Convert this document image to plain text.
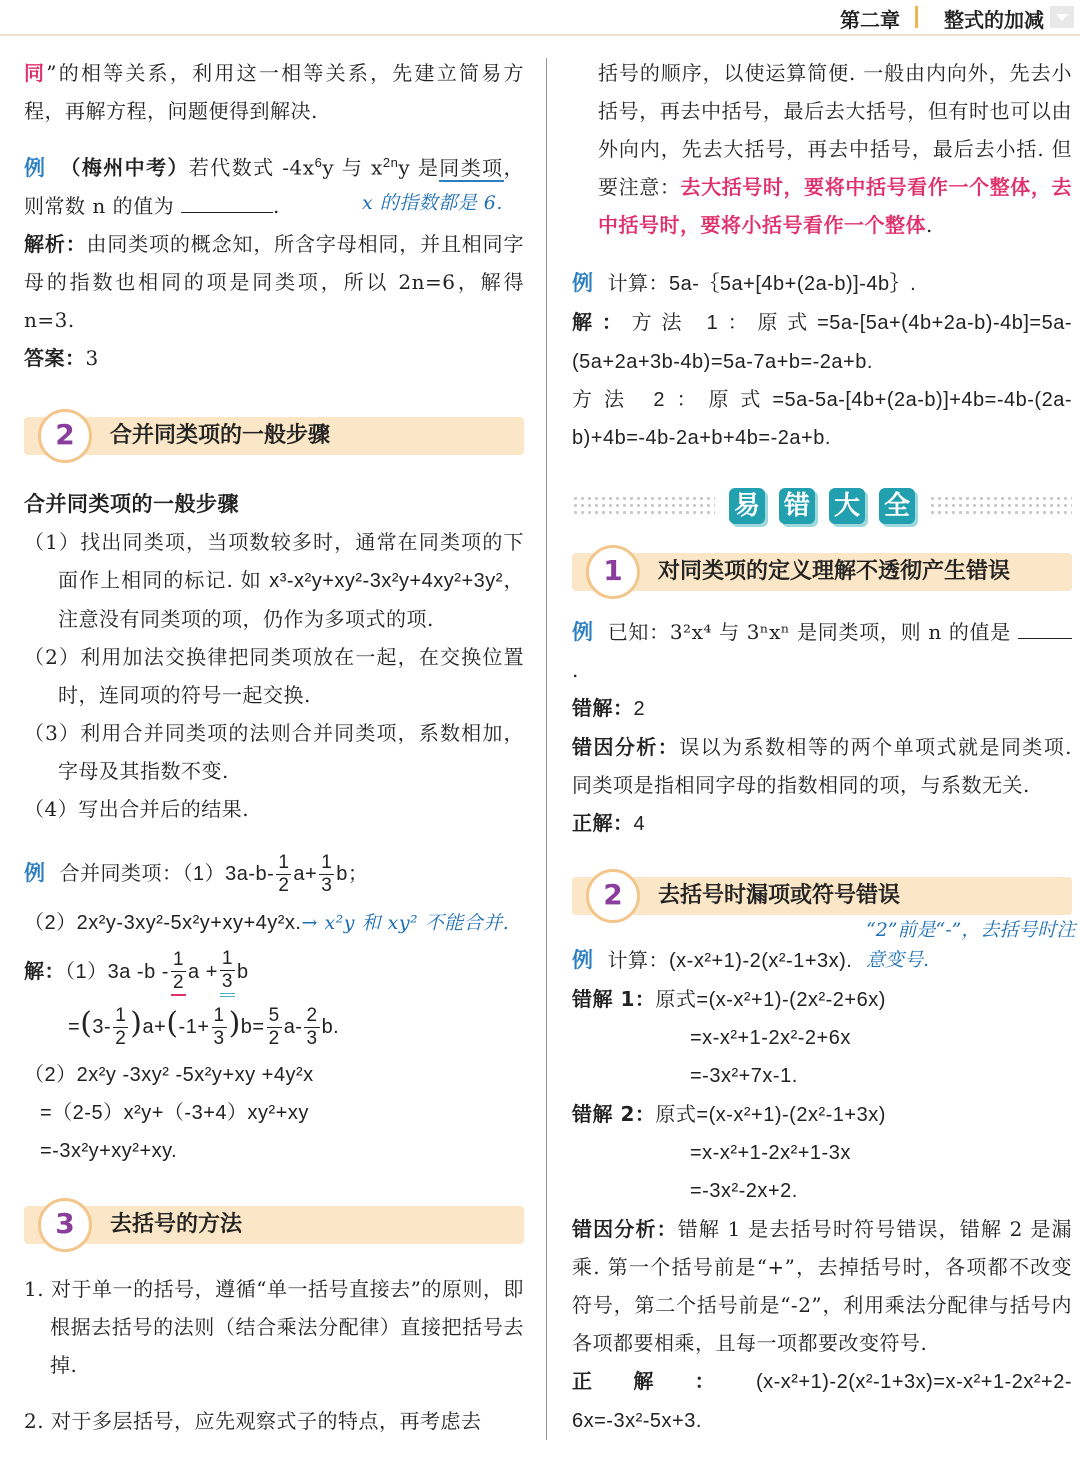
第二章 整式的加减

同”的相等关系，利用这一相等关系，先建立简易方程，再解方程，问题便得到解决.

例 （梅州中考）若代数式 $-4x^6y$ 与 $x^{2n}y$ 是同类项，则常数 n 的值为	.	x 的指数都是 6.

解析：由同类项的概念知，所含字母相同，并且相同字母的指数也相同的项是同类项，所以 2n=6，解得 n=3.

答案：3

2	合并同类项的一般步骤

合并同类项的一般步骤

（1）找出同类项，当项数较多时，通常在同类项的下面作上相同的标记. 如 x³-x²y+xy²-3x²y+4xy²+3y²，注意没有同类项的项，仍作为多项式的项.

（2）利用加法交换律把同类项放在一起，在交换位置时，连同项的符号一起交换.

（3）利用合并同类项的法则合并同类项，系数相加，字母及其指数不变.

（4）写出合并后的结果.

例 合并同类项：$(1)3a-b- \frac{1}{2} a+ \frac{1}{3}$ b；

（2）2x²y-3xy²-5x²y+xy+4y²x.→ x²y 和 xy² 不能合并.

解：（1）3a $-b - \frac{1}{2}$ $a + \frac{1}{3}$ b

$=(3- \frac{1}{2} )a+(-1+ \frac{1}{3} )b= \frac{5}{2} a- \frac{2}{3} b$.

（2）2x²y -3xy² -5x²y+xy +4y²x

=（2-5）x²y+（-3+4）xy²+xy

=-3x²y+xy²+xy.

3	去括号的方法

1. 对于单一的括号，遵循“单一括号直接去”的原则，即根据去括号的法则（结合乘法分配律）直接把括号去掉.

2. 对于多层括号，应先观察式子的特点，再考虑去

括号的顺序，以使运算简便. 一般由内向外，先去小括号，再去中括号，最后去大括号，但有时也可以由外向内，先去大括号，再去中括号，最后去小括. 但要注意：去大括号时，要将中括号看作一个整体，去中括号时，要将小括号看作一个整体.

例 计算：5a-｛5a+[4b+(2a-b)]-4b｝.

解：方法 1：原式=5a-[5a+(4b+2a-b)-4b]=5a-(5a+2a+3b-4b)=5a-7a+b=-2a+b.

方法 2：原式=5a-5a-[4b+(2a-b)]+4b=-4b-(2a-b)+4b=-4b-2a+b+4b=-2a+b.

易 错 大 全
1	对同类项的定义理解不透彻产生错误

例 已知：3²x⁴ 与 3ⁿxⁿ 是同类项，则 n 的值是 .

错解：2

错因分析：误以为系数相等的两个单项式就是同类项. 同类项是指相同字母的指数相同的项，与系数无关.

正解：4

2	去括号时漏项或符号错误
“2”前是“-”，去括号时注意变号.

例 计算：(x-x²+1)-2(x²-1+3x).

错解 1：原式=(x-x²+1)-(2x²-2+6x)

=x-x²+1-2x²-2+6x

=-3x²+7x-1.

错解 2：原式=(x-x²+1)-(2x²-1+3x)

=x-x²+1-2x²+1-3x

=-3x²-2x+2.

错因分析：错解 1 是去括号时符号错误，错解 2 是漏乘. 第一个括号前是“+”，去掉括号时，各项都不改变符号，第二个括号前是“-2”，利用乘法分配律与括号内各项都要相乘，且每一项都要改变符号.

正解：(x-x²+1)-2(x²-1+3x)=x-x²+1-2x²+2-6x=-3x²-5x+3.
